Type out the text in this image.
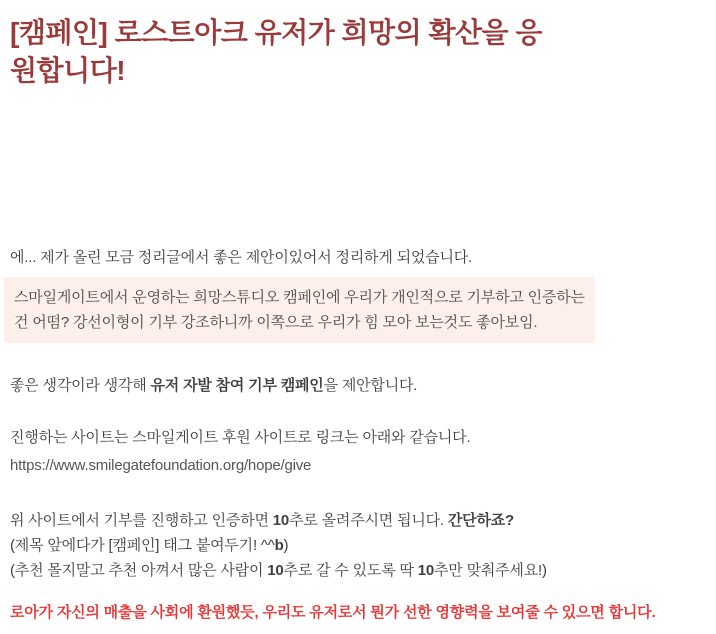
[캠페인] 로스트아크 유저가 희망의 확산을 응원합니다!

에... 제가 올린 모금 정리글에서 좋은 제안이있어서 정리하게 되었습니다.

스마일게이트에서 운영하는 희망스튜디오 캠페인에 우리가 개인적으로 기부하고 인증하는 건 어떰? 강선이형이 기부 강조하니까 이쪽으로 우리가 힘 모아 보는것도 좋아보임.

좋은 생각이라 생각해 유저 자발 참여 기부 캠페인을 제안합니다.

진행하는 사이트는 스마일게이트 후원 사이트로 링크는 아래와 같습니다.

https://www.smilegatefoundation.org/hope/give

위 사이트에서 기부를 진행하고 인증하면 10추로 올려주시면 됩니다. 간단하죠?

(제목 앞에다가 [캠페인] 태그 붙여두기! ^^b)

(추천 몰지말고 추천 아껴서 많은 사람이 10추로 갈 수 있도록 딱 10추만 맞춰주세요!)

로아가 자신의 매출을 사회에 환원했듯, 우리도 유저로서 뭔가 선한 영향력을 보여줄 수 있으면 합니다.
